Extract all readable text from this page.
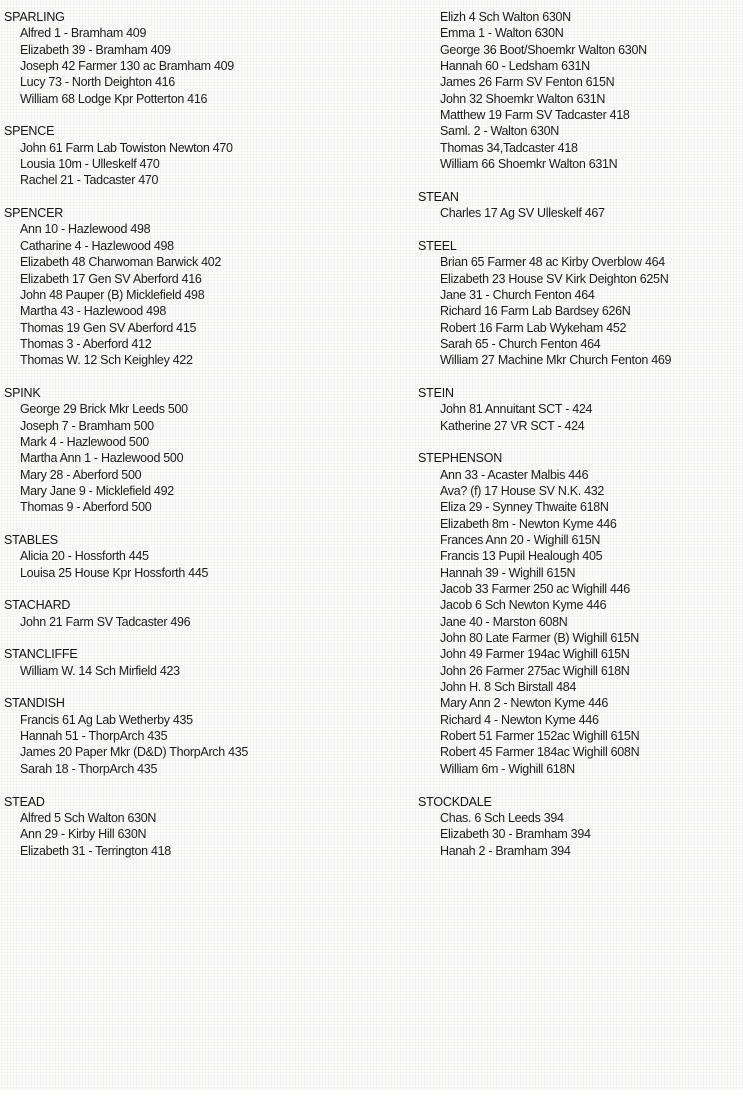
SPARLING
Alfred 1 - Bramham 409
Elizabeth 39 - Bramham 409
Joseph 42 Farmer 130 ac Bramham 409
Lucy 73 - North Deighton 416
William 68 Lodge Kpr Potterton 416
SPENCE
John 61 Farm Lab Towiston Newton 470
Lousia 10m - Ulleskelf 470
Rachel 21 - Tadcaster 470
SPENCER
Ann 10 - Hazlewood 498
Catharine 4 - Hazlewood 498
Elizabeth 48 Charwoman Barwick 402
Elizabeth 17 Gen SV Aberford 416
John 48 Pauper (B) Micklefield 498
Martha 43 - Hazlewood 498
Thomas 19 Gen SV Aberford 415
Thomas 3 - Aberford 412
Thomas W. 12 Sch Keighley 422
SPINK
George 29 Brick Mkr Leeds 500
Joseph 7 - Bramham 500
Mark 4 - Hazlewood 500
Martha Ann 1 - Hazlewood 500
Mary 28 - Aberford 500
Mary Jane 9 - Micklefield 492
Thomas 9 - Aberford 500
STABLES
Alicia 20 - Hossforth 445
Louisa 25 House Kpr Hossforth 445
STACHARD
John 21 Farm SV Tadcaster 496
STANCLIFFE
William W. 14 Sch Mirfield 423
STANDISH
Francis 61 Ag Lab Wetherby 435
Hannah 51 - ThorpArch 435
James 20 Paper Mkr (D&D) ThorpArch 435
Sarah 18 - ThorpArch 435
STEAD
Alfred 5 Sch Walton 630N
Ann 29 - Kirby Hill 630N
Elizabeth 31 - Terrington 418
Elizh 4 Sch Walton 630N
Emma 1 - Walton 630N
George 36 Boot/Shoemkr Walton 630N
Hannah 60 - Ledsham 631N
James 26 Farm SV Fenton 615N
John 32 Shoemkr Walton 631N
Matthew 19 Farm SV Tadcaster 418
Saml. 2 - Walton 630N
Thomas 34,Tadcaster 418
William 66 Shoemkr Walton 631N
STEAN
Charles 17 Ag SV Ulleskelf 467
STEEL
Brian 65 Farmer 48 ac Kirby Overblow 464
Elizabeth 23 House SV Kirk Deighton 625N
Jane 31 - Church Fenton 464
Richard 16 Farm Lab Bardsey 626N
Robert 16 Farm Lab Wykeham 452
Sarah 65 - Church Fenton 464
William 27 Machine Mkr Church Fenton 469
STEIN
John 81 Annuitant SCT - 424
Katherine 27 VR SCT - 424
STEPHENSON
Ann 33 - Acaster Malbis 446
Ava? (f) 17 House SV N.K. 432
Eliza 29 - Synney Thwaite 618N
Elizabeth 8m - Newton Kyme 446
Frances Ann 20 - Wighill 615N
Francis 13 Pupil Healough 405
Hannah 39 - Wighill 615N
Jacob 33 Farmer 250 ac Wighill 446
Jacob 6 Sch Newton Kyme 446
Jane 40 - Marston 608N
John 80 Late Farmer (B) Wighill 615N
John 49 Farmer 194ac Wighill 615N
John 26 Farmer 275ac Wighill 618N
John H. 8 Sch Birstall 484
Mary Ann 2 - Newton Kyme 446
Richard 4 - Newton Kyme 446
Robert 51 Farmer 152ac Wighill 615N
Robert 45 Farmer 184ac Wighill 608N
William 6m - Wighill 618N
STOCKDALE
Chas. 6 Sch Leeds 394
Elizabeth 30 - Bramham 394
Hanah 2 - Bramham 394
